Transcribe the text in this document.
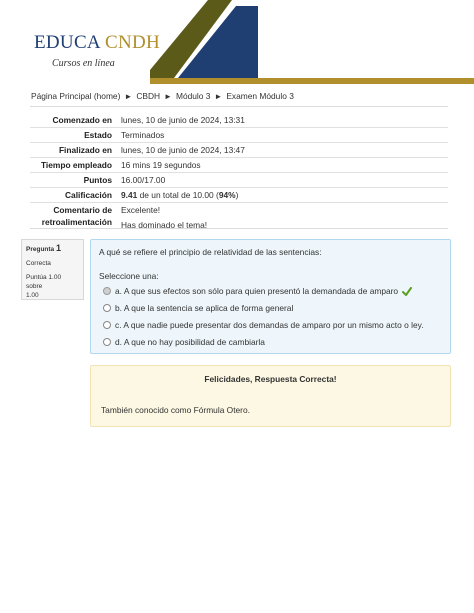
EDUCA CNDH
Cursos en línea
Página Principal (home) ► CBDH ► Módulo 3 ► Examen Módulo 3
Comenzado en	lunes, 10 de junio de 2024, 13:31
Estado	Terminados
Finalizado en	lunes, 10 de junio de 2024, 13:47
Tiempo empleado	16 mins 19 segundos
Puntos	16.00/17.00
Calificación	9.41 de un total de 10.00 (94%)
Comentario de
retroalimentación	Excelente!
Has dominado el tema!
Pregunta 1
Correcta
Puntúa 1.00 sobre
1.00
A qué se refiere el principio de relatividad de las sentencias:
Seleccione una:
a. A que sus efectos son sólo para quien presentó la demandada de amparo
b. A que la sentencia se aplica de forma general
c. A que nadie puede presentar dos demandas de amparo por un mismo acto o ley.
d. A que no hay posibilidad de cambiarla
Felicidades, Respuesta Correcta!
También conocido como Fórmula Otero.
